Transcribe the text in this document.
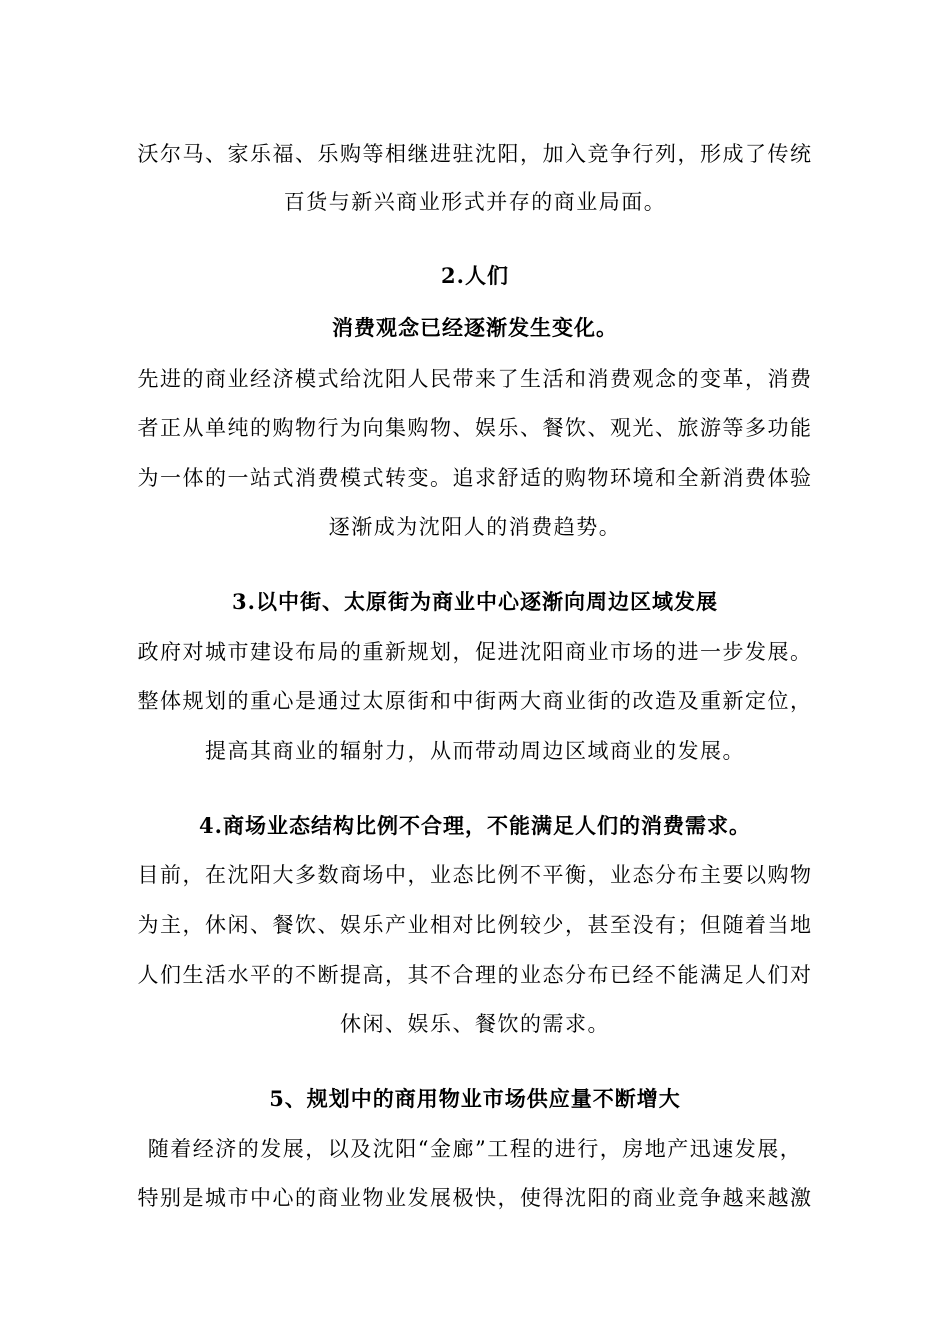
沃尔马、家乐福、乐购等相继进驻沈阳，加入竞争行列，形成了传统
百货与新兴商业形式并存的商业局面。
2.人们
消费观念已经逐渐发生变化。
先进的商业经济模式给沈阳人民带来了生活和消费观念的变革，消费
者正从单纯的购物行为向集购物、娱乐、餐饮、观光、旅游等多功能
为一体的一站式消费模式转变。追求舒适的购物环境和全新消费体验
逐渐成为沈阳人的消费趋势。
3.以中街、太原街为商业中心逐渐向周边区域发展
政府对城市建设布局的重新规划，促进沈阳商业市场的进一步发展。
整体规划的重心是通过太原街和中街两大商业街的改造及重新定位，
提高其商业的辐射力，从而带动周边区域商业的发展。
4.商场业态结构比例不合理，不能满足人们的消费需求。
目前，在沈阳大多数商场中，业态比例不平衡，业态分布主要以购物
为主，休闲、餐饮、娱乐产业相对比例较少，甚至没有；但随着当地
人们生活水平的不断提高，其不合理的业态分布已经不能满足人们对
休闲、娱乐、餐饮的需求。
5、规划中的商用物业市场供应量不断增大
随着经济的发展，以及沈阳“金廊”工程的进行，房地产迅速发展，
特别是城市中心的商业物业发展极快，使得沈阳的商业竞争越来越激
